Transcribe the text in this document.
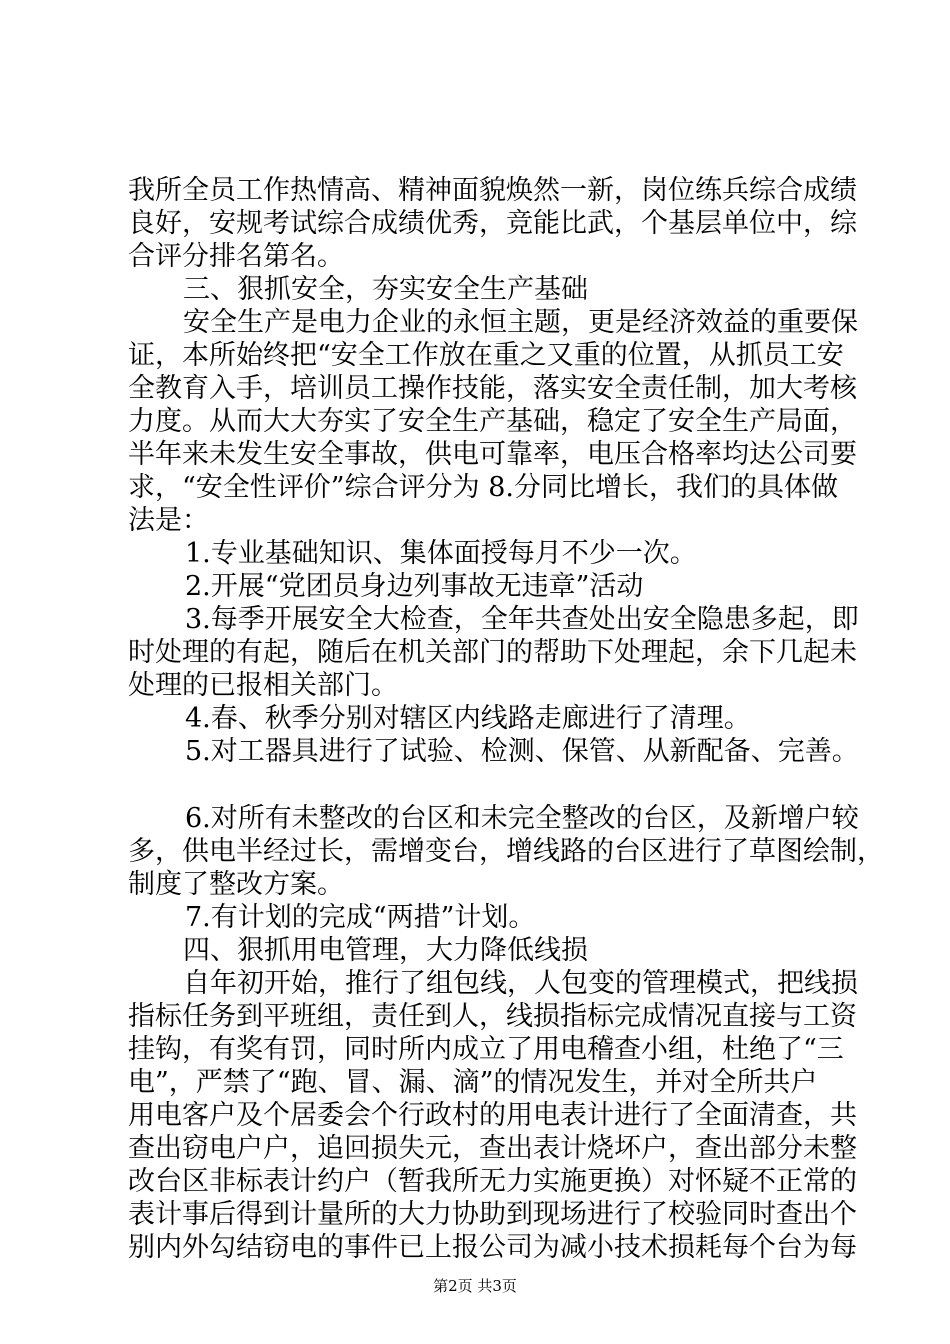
我所全员工作热情高、精神面貌焕然一新，岗位练兵综合成绩

良好，安规考试综合成绩优秀，竞能比武，个基层单位中，综

合评分排名第名。

三、狠抓安全，夯实安全生产基础

安全生产是电力企业的永恒主题，更是经济效益的重要保

证，本所始终把“安全工作放在重之又重的位置，从抓员工安

全教育入手，培训员工操作技能，落实安全责任制，加大考核

力度。从而大大夯实了安全生产基础，稳定了安全生产局面，

半年来未发生安全事故，供电可靠率，电压合格率均达公司要

求，“安全性评价”综合评分为 8.分同比增长，我们的具体做

法是：

1.专业基础知识、集体面授每月不少一次。

2.开展“党团员身边列事故无违章”活动

3.每季开展安全大检查，全年共查处出安全隐患多起，即

时处理的有起，随后在机关部门的帮助下处理起，余下几起未

处理的已报相关部门。

4.春、秋季分别对辖区内线路走廊进行了清理。

5.对工器具进行了试验、检测、保管、从新配备、完善。

6.对所有未整改的台区和未完全整改的台区，及新增户较

多，供电半经过长，需增变台，增线路的台区进行了草图绘制，

制度了整改方案。

7.有计划的完成“两措”计划。

四、狠抓用电管理，大力降低线损

自年初开始，推行了组包线，人包变的管理模式，把线损

指标任务到平班组，责任到人，线损指标完成情况直接与工资

挂钩，有奖有罚，同时所内成立了用电稽查小组，杜绝了“三

电”，严禁了“跑、冒、漏、滴”的情况发生，并对全所共户

用电客户及个居委会个行政村的用电表计进行了全面清查，共

查出窃电户户，追回损失元，查出表计烧坏户，查出部分未整

改台区非标表计约户（暂我所无力实施更换）对怀疑不正常的

表计事后得到计量所的大力协助到现场进行了校验同时查出个

别内外勾结窃电的事件已上报公司为减小技术损耗每个台为每

第2页 共3页
